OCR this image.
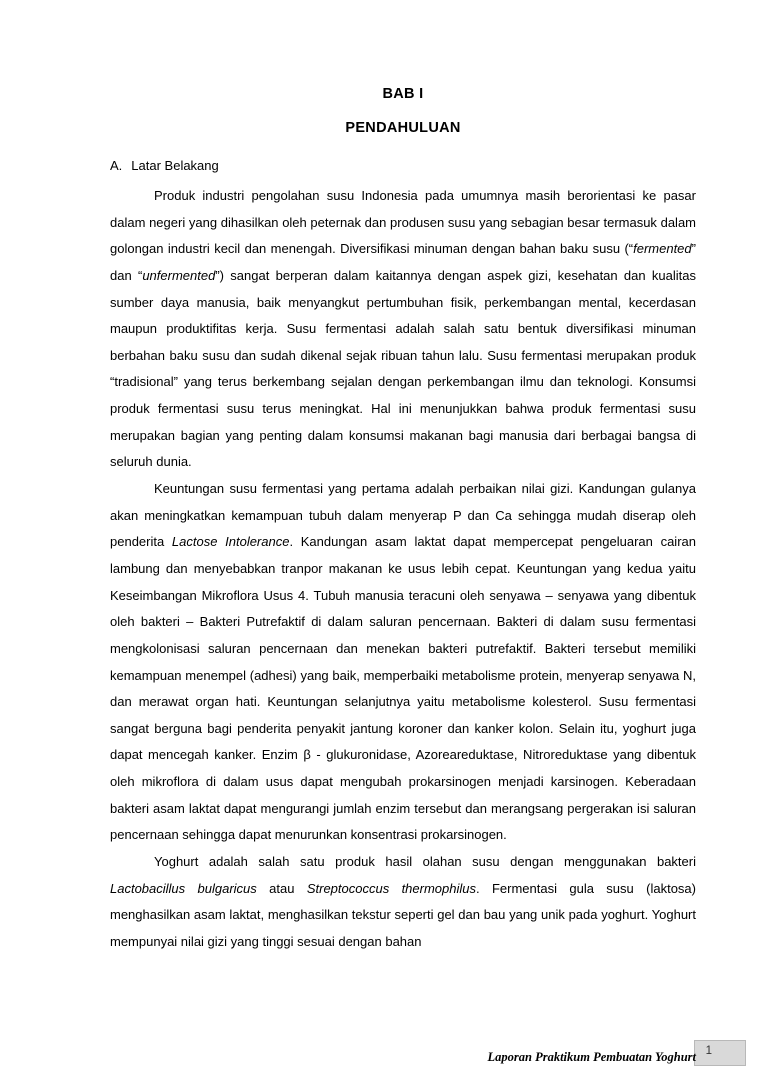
BAB I
PENDAHULUAN
A. Latar Belakang

Produk industri pengolahan susu Indonesia pada umumnya masih berorientasi ke pasar dalam negeri yang dihasilkan oleh peternak dan produsen susu yang sebagian besar termasuk dalam golongan industri kecil dan menengah. Diversifikasi minuman dengan bahan baku susu (“fermented” dan “unfermented”) sangat berperan dalam kaitannya dengan aspek gizi, kesehatan dan kualitas sumber daya manusia, baik menyangkut pertumbuhan fisik, perkembangan mental, kecerdasan maupun produktifitas kerja. Susu fermentasi adalah salah satu bentuk diversifikasi minuman berbahan baku susu dan sudah dikenal sejak ribuan tahun lalu. Susu fermentasi merupakan produk “tradisional” yang terus berkembang sejalan dengan perkembangan ilmu dan teknologi. Konsumsi produk fermentasi susu terus meningkat. Hal ini menunjukkan bahwa produk fermentasi susu merupakan bagian yang penting dalam konsumsi makanan bagi manusia dari berbagai bangsa di seluruh dunia.

Keuntungan susu fermentasi yang pertama adalah perbaikan nilai gizi. Kandungan gulanya akan meningkatkan kemampuan tubuh dalam menyerap P dan Ca sehingga mudah diserap oleh penderita Lactose Intolerance. Kandungan asam laktat dapat mempercepat pengeluaran cairan lambung dan menyebabkan tranpor makanan ke usus lebih cepat. Keuntungan yang kedua yaitu Keseimbangan Mikroflora Usus 4. Tubuh manusia teracuni oleh senyawa – senyawa yang dibentuk oleh bakteri – Bakteri Putrefaktif di dalam saluran pencernaan. Bakteri di dalam susu fermentasi mengkolonisasi saluran pencernaan dan menekan bakteri putrefaktif. Bakteri tersebut memiliki kemampuan menempel (adhesi) yang baik, memperbaiki metabolisme protein, menyerap senyawa N, dan merawat organ hati. Keuntungan selanjutnya yaitu metabolisme kolesterol. Susu fermentasi sangat berguna bagi penderita penyakit jantung koroner dan kanker kolon. Selain itu, yoghurt juga dapat mencegah kanker. Enzim β - glukuronidase, Azoreareduktase, Nitroreduktase yang dibentuk oleh mikroflora di dalam usus dapat mengubah prokarsinogen menjadi karsinogen. Keberadaan bakteri asam laktat dapat mengurangi jumlah enzim tersebut dan merangsang pergerakan isi saluran pencernaan sehingga dapat menurunkan konsentrasi prokarsinogen.

Yoghurt adalah salah satu produk hasil olahan susu dengan menggunakan bakteri Lactobacillus bulgaricus atau Streptococcus thermophilus. Fermentasi gula susu (laktosa) menghasilkan asam laktat, menghasilkan tekstur seperti gel dan bau yang unik pada yoghurt. Yoghurt mempunyai nilai gizi yang tinggi sesuai dengan bahan

Laporan Praktikum Pembuatan Yoghurt 1
